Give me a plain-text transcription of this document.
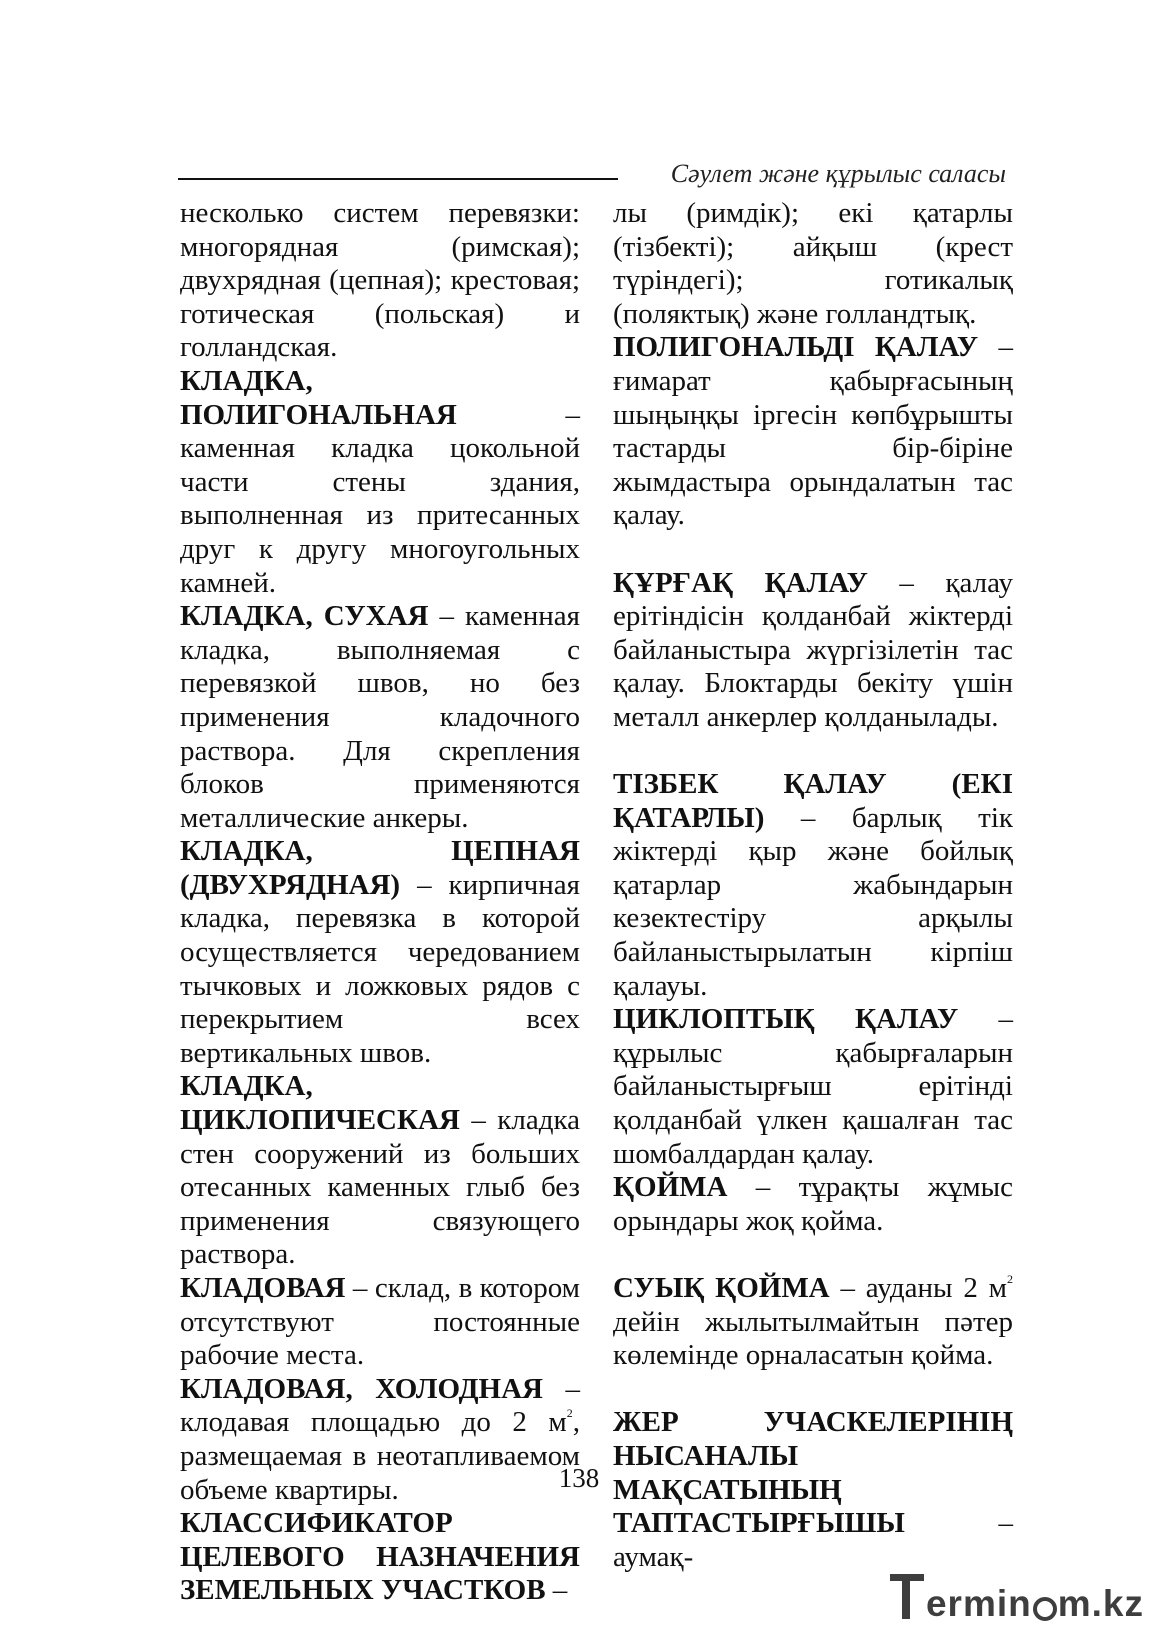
Сәулет және құрылыс саласы

несколько систем перевязки: многорядная (римская); двухрядная (цепная); крестовая; готическая (польская) и голландская.

КЛАДКА, ПОЛИГОНАЛЬНАЯ – каменная кладка цокольной части стены здания, выполненная из притесанных друг к другу многоугольных камней.

КЛАДКА, СУХАЯ – каменная кладка, выполняемая с перевязкой швов, но без применения кладочного раствора. Для скрепления блоков применяются металлические анкеры.

КЛАДКА, ЦЕПНАЯ (ДВУХРЯДНАЯ) – кирпичная кладка, перевязка в которой осуществляется чередованием тычковых и ложковых рядов с перекрытием всех вертикальных швов.

КЛАДКА, ЦИКЛОПИЧЕСКАЯ – кладка стен сооружений из больших отесанных каменных глыб без применения связующего раствора.

КЛАДОВАЯ – склад, в котором отсутствуют постоянные рабочие места.

КЛАДОВАЯ, ХОЛОДНАЯ – клодавая площадью до 2 $м^2$, размещаемая в неотапливаемом объеме квартиры.

КЛАССИФИКАТОР ЦЕЛЕВОГО НАЗНАЧЕНИЯ ЗЕМЕЛЬНЫХ УЧАСТКОВ –

лы (римдік); екі қатарлы (тізбекті); айқыш (крест түріндегі); готикалық (поляктық) және голландтық.

ПОЛИГОНАЛЬДІ ҚАЛАУ – ғимарат қабырғасының шыңыңқы іргесін көпбұрышты тастарды бір-біріне жымдастыра орындалатын тас қалау.

ҚҰРҒАҚ ҚАЛАУ – қалау ерітіндісін қолданбай жіктерді байланыстыра жүргізілетін тас қалау. Блоктарды бекіту үшін металл анкерлер қолданылады.

ТІЗБЕК ҚАЛАУ (ЕКІ ҚАТАРЛЫ) – барлық тік жіктерді қыр және бойлық қатарлар жабындарын кезектестіру арқылы байланыстырылатын кірпіш қалауы.

ЦИКЛОПТЫҚ ҚАЛАУ – құрылыс қабырғаларын байланыстырғыш ерітінді қолданбай үлкен қашалған тас шомбалдардан қалау.

ҚОЙМА – тұрақты жұмыс орындары жоқ қойма.

СУЫҚ ҚОЙМА – ауданы 2 $м^2$ дейін жылытылмайтын пәтер көлемінде орналасатын қойма.

ЖЕР УЧАСКЕЛЕРІНІҢ НЫСАНАЛЫ МАҚСАТЫНЫҢ ТАПТАСТЫРҒЫШЫ – аумақ-

138
ermin m.kz
